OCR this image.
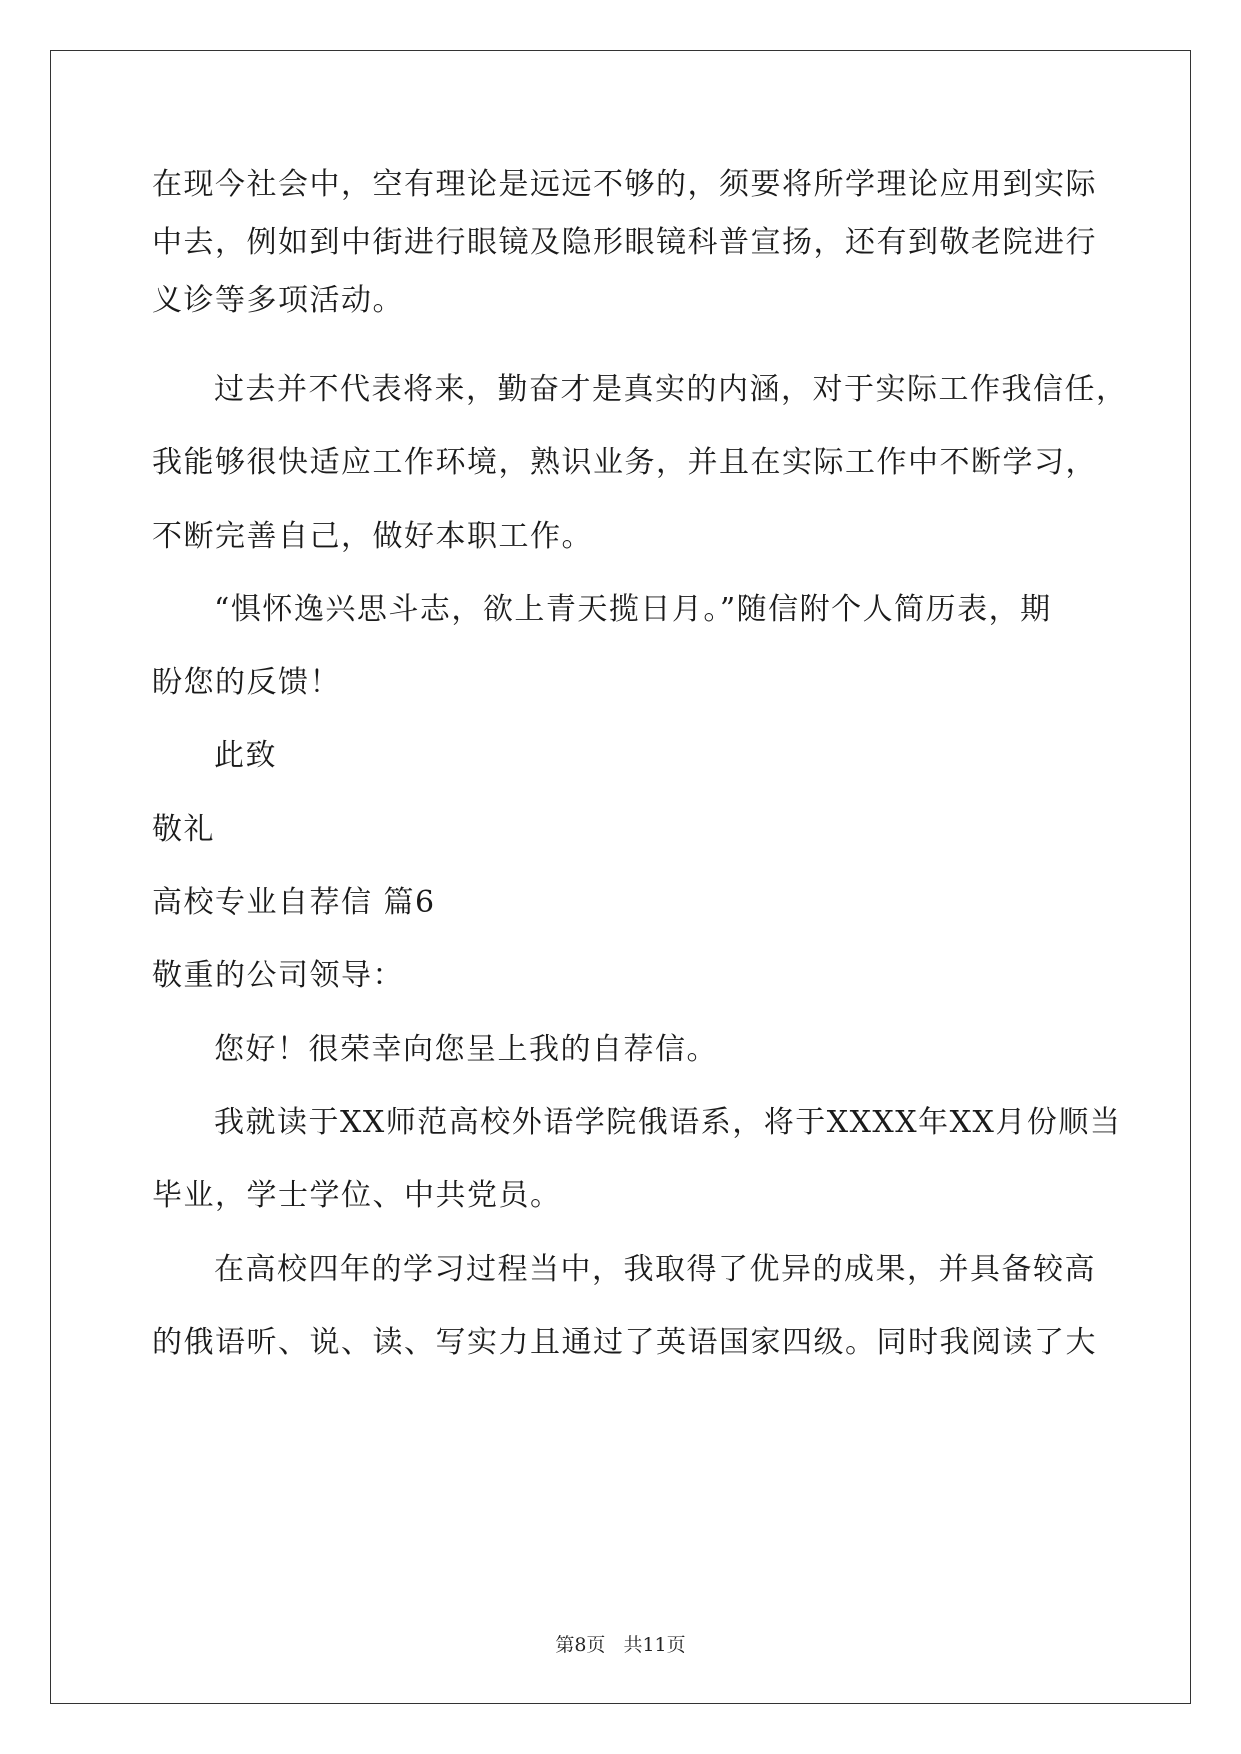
在现今社会中，空有理论是远远不够的，须要将所学理论应用到实际
中去，例如到中街进行眼镜及隐形眼镜科普宣扬，还有到敬老院进行
义诊等多项活动。
过去并不代表将来，勤奋才是真实的内涵，对于实际工作我信任，
我能够很快适应工作环境，熟识业务，并且在实际工作中不断学习，
不断完善自己，做好本职工作。
“惧怀逸兴思斗志，欲上青天揽日月。”随信附个人简历表，期
盼您的反馈！
此致
敬礼
高校专业自荐信 篇6
敬重的公司领导：
您好！很荣幸向您呈上我的自荐信。
我就读于XX师范高校外语学院俄语系，将于XXXX年XX月份顺当
毕业，学士学位、中共党员。
在高校四年的学习过程当中，我取得了优异的成果，并具备较高
的俄语听、说、读、写实力且通过了英语国家四级。同时我阅读了大
第8页 共11页
